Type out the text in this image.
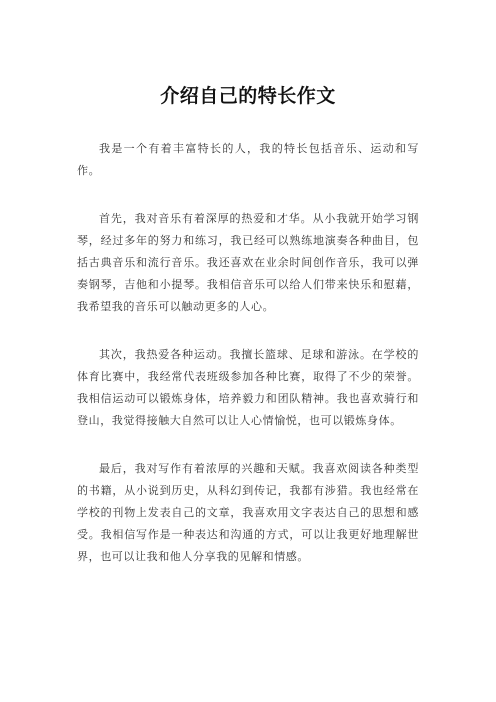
介绍自己的特长作文

我是一个有着丰富特长的人，我的特长包括音乐、运动和写作。

首先，我对音乐有着深厚的热爱和才华。从小我就开始学习钢琴，经过多年的努力和练习，我已经可以熟练地演奏各种曲目，包括古典音乐和流行音乐。我还喜欢在业余时间创作音乐，我可以弹奏钢琴，吉他和小提琴。我相信音乐可以给人们带来快乐和慰藉，我希望我的音乐可以触动更多的人心。

其次，我热爱各种运动。我擅长篮球、足球和游泳。在学校的体育比赛中，我经常代表班级参加各种比赛，取得了不少的荣誉。我相信运动可以锻炼身体，培养毅力和团队精神。我也喜欢骑行和登山，我觉得接触大自然可以让人心情愉悦，也可以锻炼身体。

最后，我对写作有着浓厚的兴趣和天赋。我喜欢阅读各种类型的书籍，从小说到历史，从科幻到传记，我都有涉猎。我也经常在学校的刊物上发表自己的文章，我喜欢用文字表达自己的思想和感受。我相信写作是一种表达和沟通的方式，可以让我更好地理解世界，也可以让我和他人分享我的见解和情感。
